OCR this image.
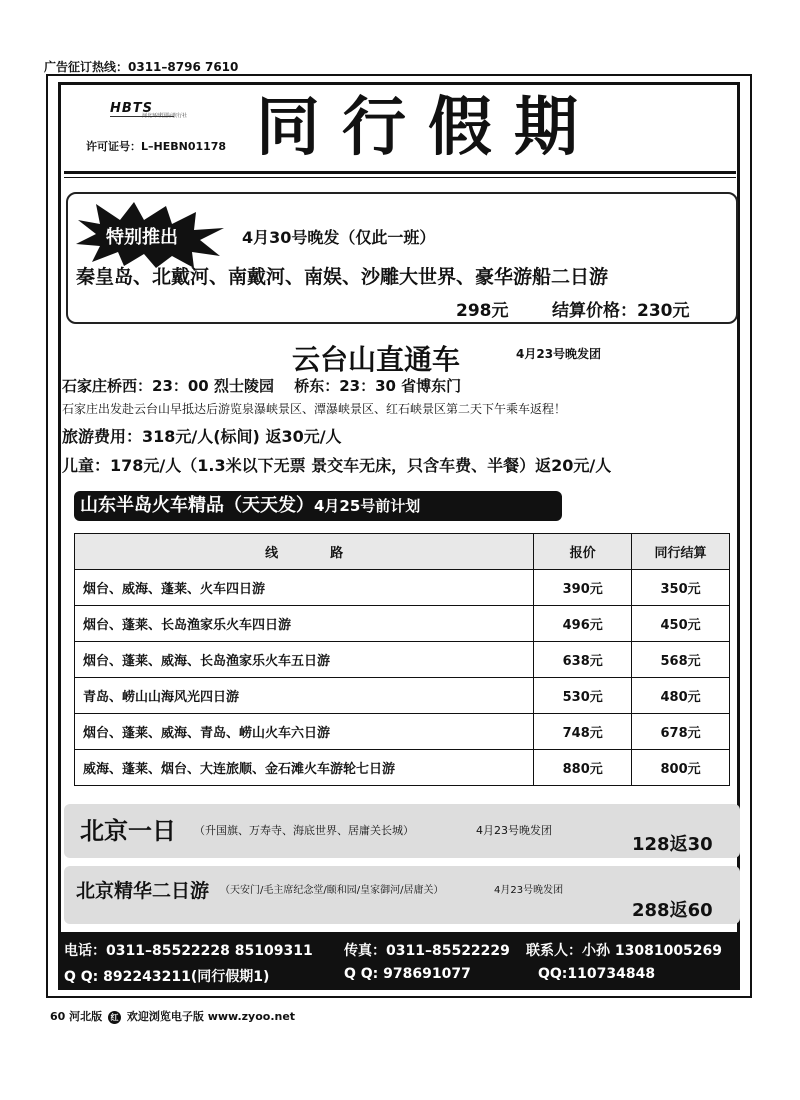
广告征订热线：0311–8796 7610
HBTS
河北环球国际旅行社
许可证号：L–HEBN01178 同行假期
特别推出	4月30号晚发（仅此一班）
秦皇岛、北戴河、南戴河、南娱、沙雕大世界、豪华游船二日游
298元	结算价格：230元
云台山直通车	4月23号晚发团
石家庄桥西：23：00 烈士陵园　 桥东：23：30 省博东门
石家庄出发赴云台山早抵达后游览泉瀑峡景区、潭瀑峡景区、红石峡景区第二天下午乘车返程！
旅游费用：318元/人(标间) 返30元/人
儿童：178元/人（1.3米以下无票 景交车无床，只含车费、半餐）返20元/人
山东半岛火车精品（天天发）4月25号前计划
线　　　　路	报价	同行结算
烟台、威海、蓬莱、火车四日游	390元	350元
烟台、蓬莱、长岛渔家乐火车四日游	496元	450元
烟台、蓬莱、威海、长岛渔家乐火车五日游	638元	568元
青岛、崂山山海风光四日游	530元	480元
烟台、蓬莱、威海、青岛、崂山火车六日游	748元	678元
威海、蓬莱、烟台、大连旅顺、金石滩火车游轮七日游	880元	800元
北京一日 （升国旗、万寿寺、海底世界、居庸关长城）	4月23号晚发团
128返30
北京精华二日游 （天安门/毛主席纪念堂/颐和园/皇家御河/居庸关）	4月23号晚发团
288返60
电话：0311–85522228 85109311 传真：0311–85522229 联系人：小孙 13081005269
Q Q: 892243211(同行假期1)	Q Q: 978691077	QQ:110734848
60 河北版 红 欢迎浏览电子版 www.zyoo.net
